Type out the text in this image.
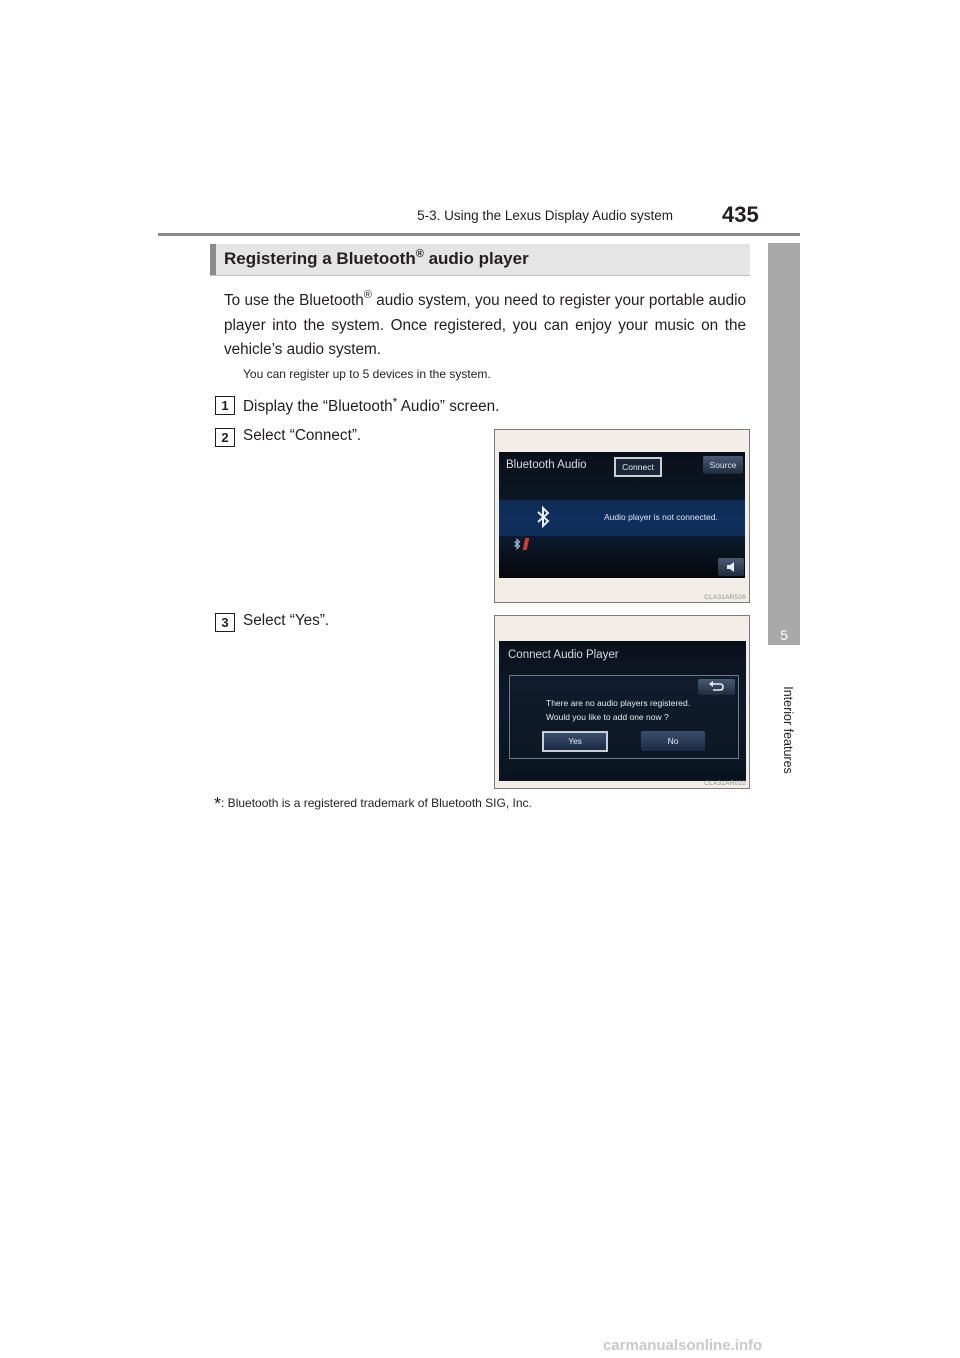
5-3. Using the Lexus Display Audio system 435
5
Interior features
Registering a Bluetooth® audio player
To use the Bluetooth® audio system, you need to register your portable audio player into the system. Once registered, you can enjoy your music on the vehicle’s audio system.
You can register up to 5 devices in the system.
1 Display the “Bluetooth* Audio” screen.
2 Select “Connect”.
3 Select “Yes”.
Bluetooth Audio	Connect	Source
Audio player is not connected.
CLA31AR526
Connect Audio Player
There are no audio players registered.
Would you like to add one now ?
Yes	No
CLA31AR022
*: Bluetooth is a registered trademark of Bluetooth SIG, Inc.
carmanualsonline.info
